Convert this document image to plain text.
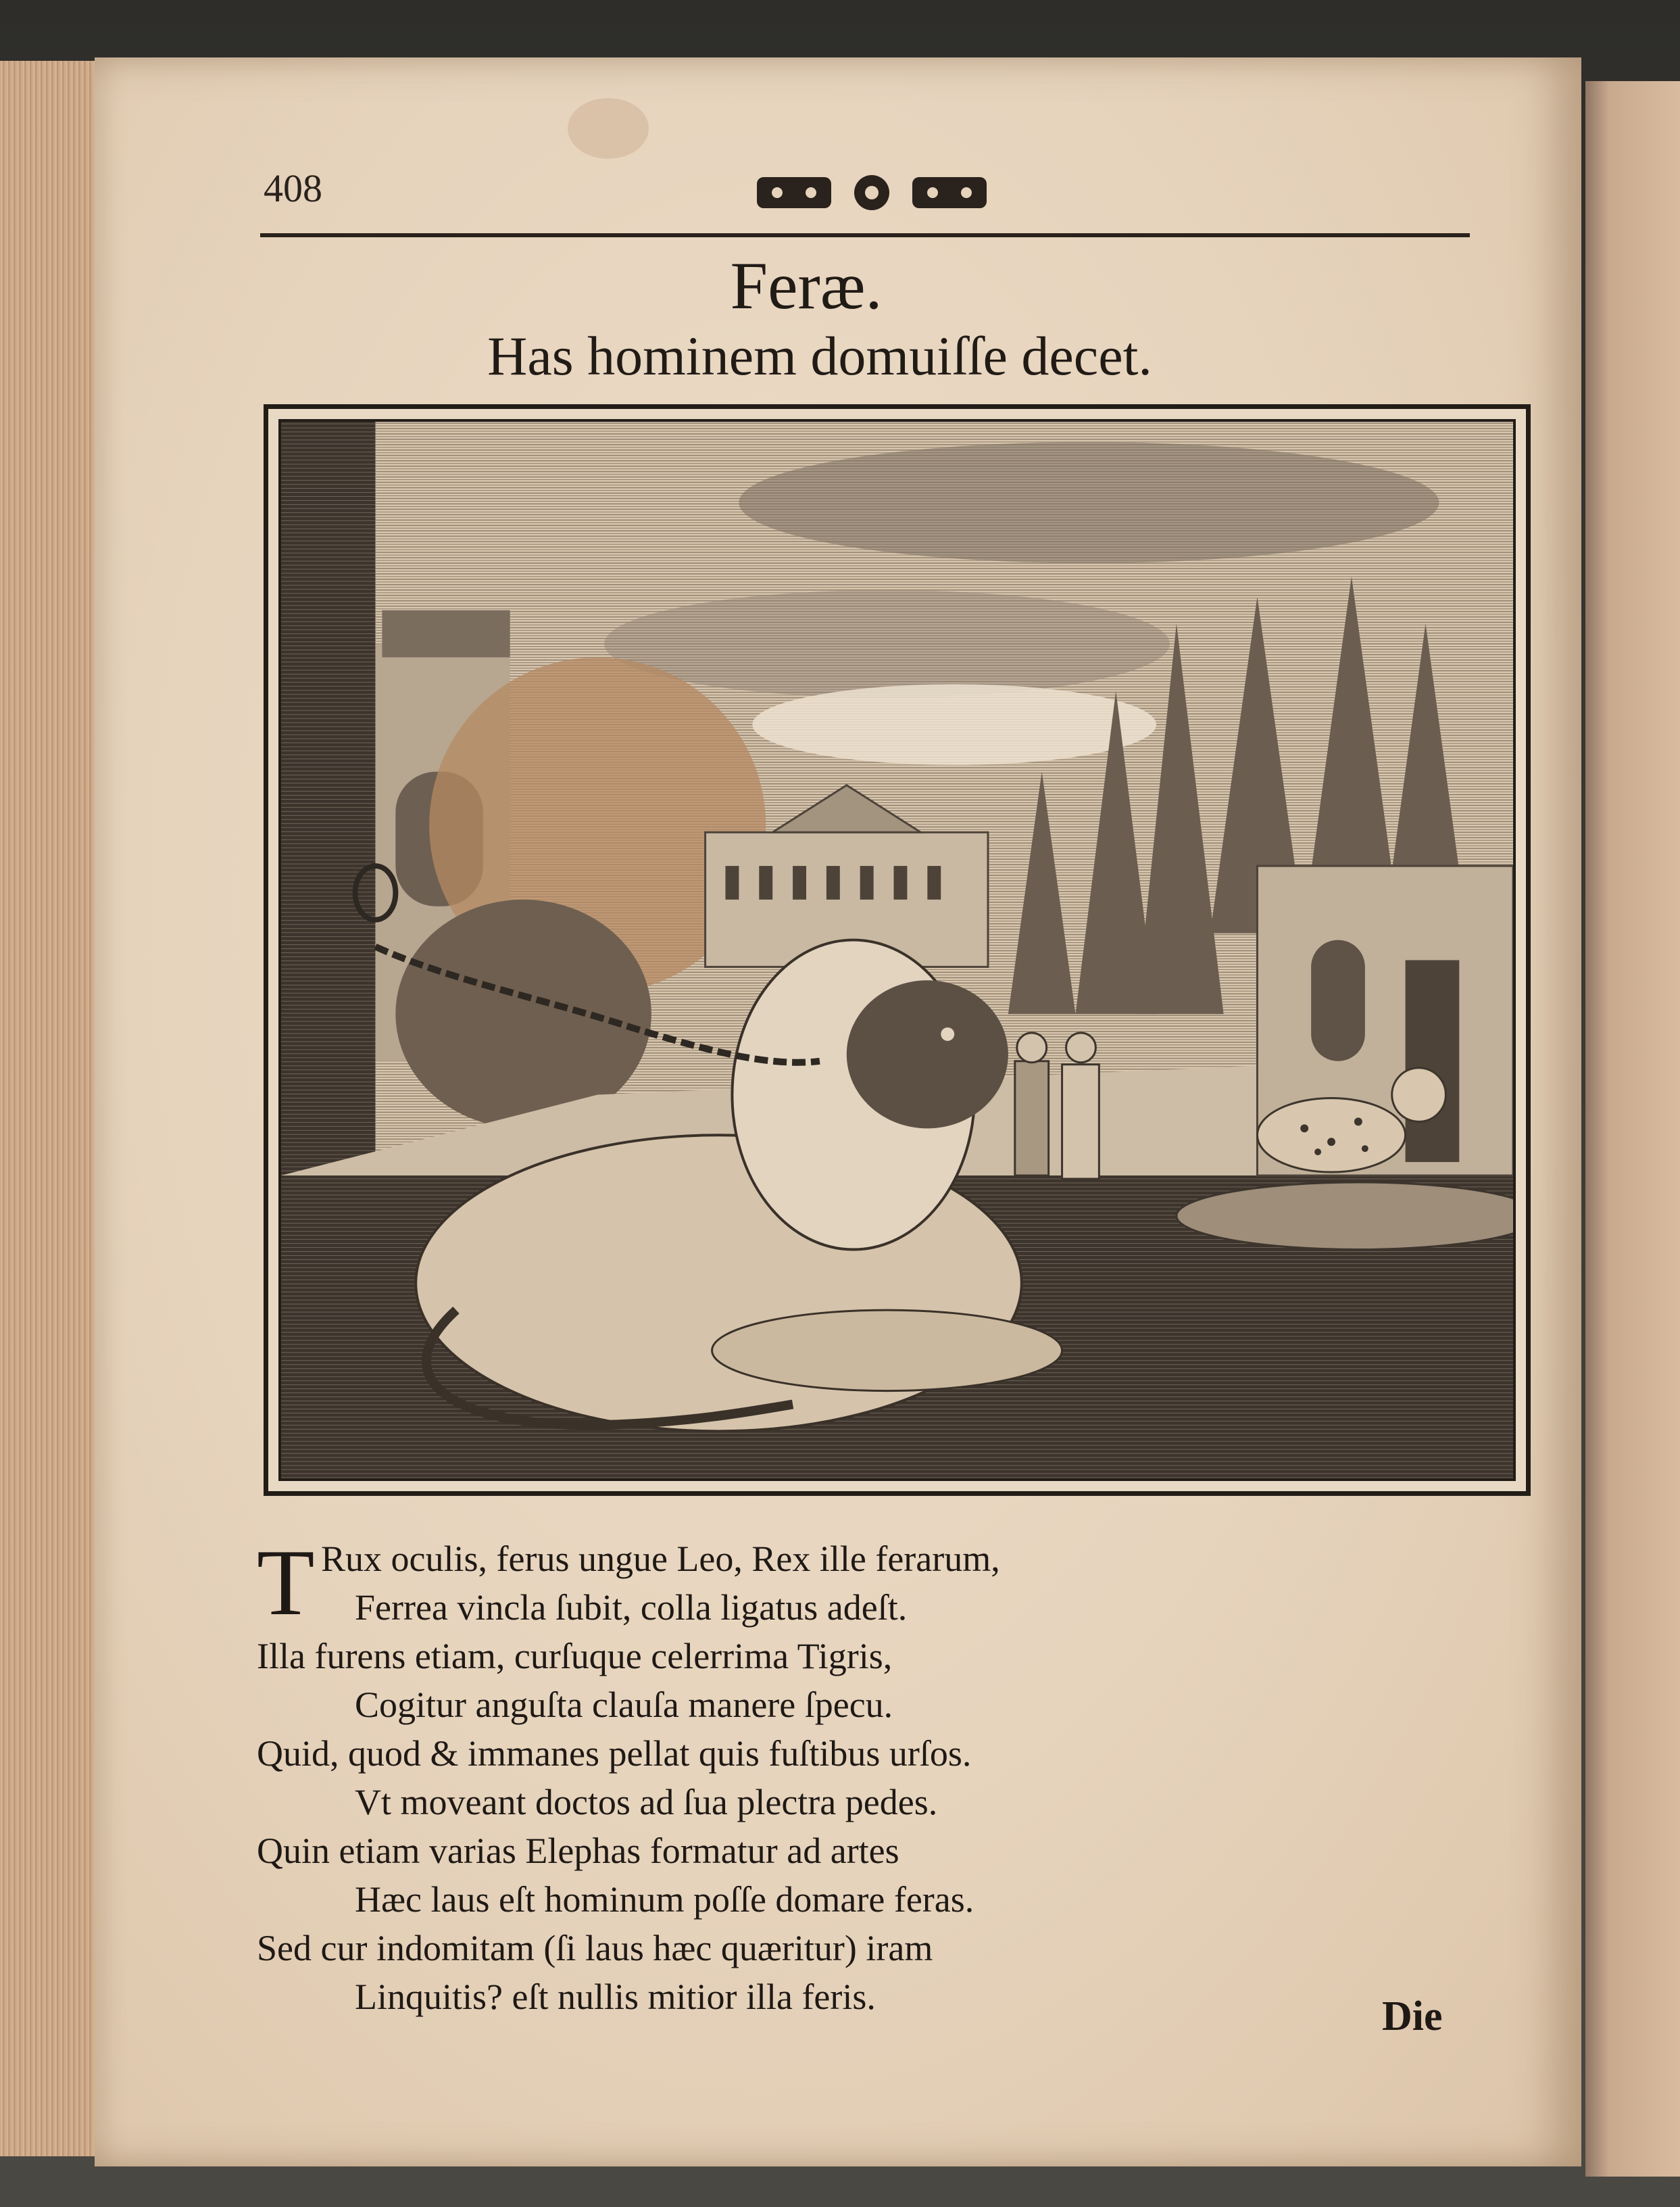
408
Feræ.
Has hominem domuiſſe decet.
T Rux oculis, ferus ungue Leo, Rex ille ferarum,
Ferrea vincla ſubit, colla ligatus adeſt.
Illa furens etiam, curſuque celerrima Tigris,
Cogitur anguſta clauſa manere ſpecu.
Quid, quod & immanes pellat quis fuſtibus urſos.
Vt moveant doctos ad ſua plectra pedes.
Quin etiam varias Elephas formatur ad artes
Hæc laus eſt hominum poſſe domare feras.
Sed cur indomitam (ſi laus hæc quæritur) iram
Linquitis? eſt nullis mitior illa feris.	Die
